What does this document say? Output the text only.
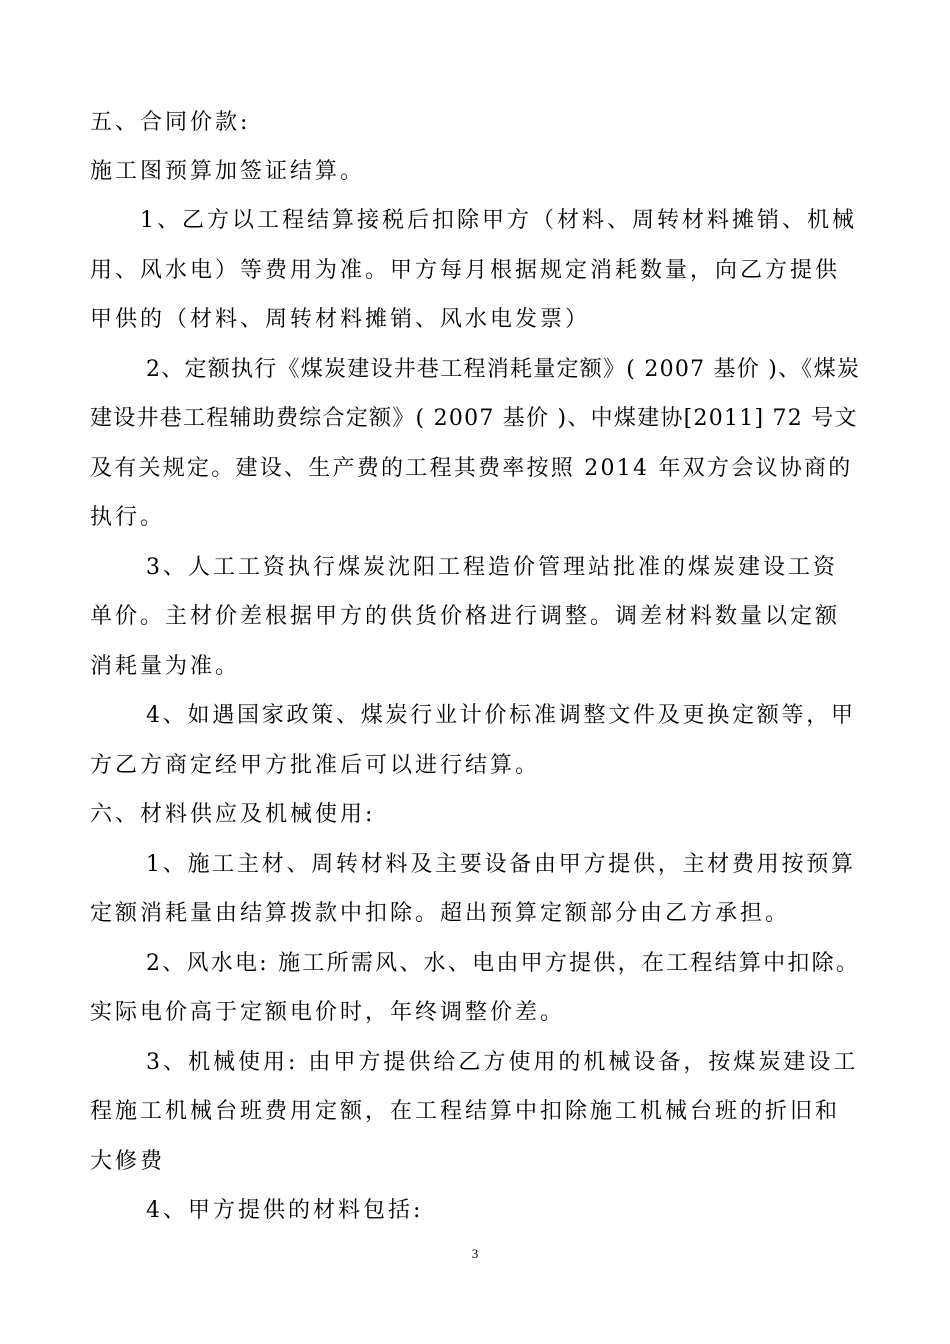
五、合同价款:
施工图预算加签证结算。
1、乙方以工程结算接税后扣除甲方（材料、周转材料摊销、机械
用、风水电）等费用为准。甲方每月根据规定消耗数量，向乙方提供
甲供的（材料、周转材料摊销、风水电发票）
2、定额执行《煤炭建设井巷工程消耗量定额》( 2007 基价 )、《煤炭
建设井巷工程辅助费综合定额》( 2007 基价 )、中煤建协[2011] 72 号文
及有关规定。建设、生产费的工程其费率按照 2014 年双方会议协商的
执行。
3、人工工资执行煤炭沈阳工程造价管理站批准的煤炭建设工资
单价。主材价差根据甲方的供货价格进行调整。调差材料数量以定额
消耗量为准。
4、如遇国家政策、煤炭行业计价标准调整文件及更换定额等，甲
方乙方商定经甲方批准后可以进行结算。
六、材料供应及机械使用:
1、施工主材、周转材料及主要设备由甲方提供，主材费用按预算
定额消耗量由结算拨款中扣除。超出预算定额部分由乙方承担。
2、风水电: 施工所需风、水、电由甲方提供，在工程结算中扣除。
实际电价高于定额电价时，年终调整价差。
3、机械使用: 由甲方提供给乙方使用的机械设备，按煤炭建设工
程施工机械台班费用定额，在工程结算中扣除施工机械台班的折旧和
大修费
4、甲方提供的材料包括:
3
